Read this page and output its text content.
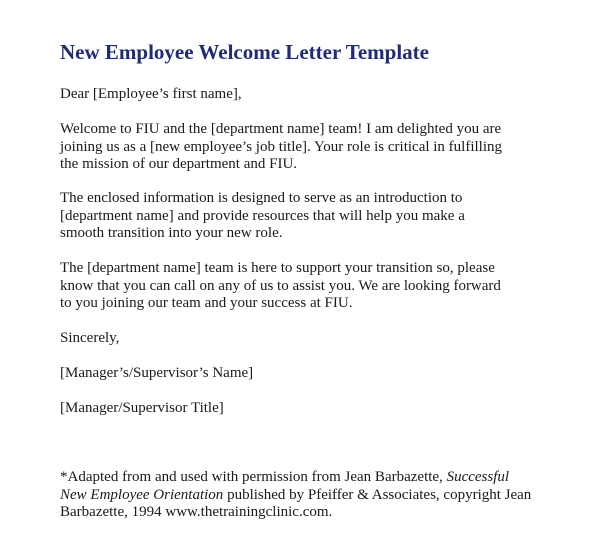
New Employee Welcome Letter Template

Dear [Employee’s first name],

Welcome to FIU and the [department name] team! I am delighted you are
joining us as a [new employee’s job title]. Your role is critical in fulfilling
the mission of our department and FIU.

The enclosed information is designed to serve as an introduction to
[department name] and provide resources that will help you make a
smooth transition into your new role.

The [department name] team is here to support your transition so, please
know that you can call on any of us to assist you. We are looking forward
to you joining our team and your success at FIU.

Sincerely,

[Manager’s/Supervisor’s Name]

[Manager/Supervisor Title]

*Adapted from and used with permission from Jean Barbazette, Successful
New Employee Orientation published by Pfeiffer & Associates, copyright Jean
Barbazette, 1994 www.thetrainingclinic.com.
